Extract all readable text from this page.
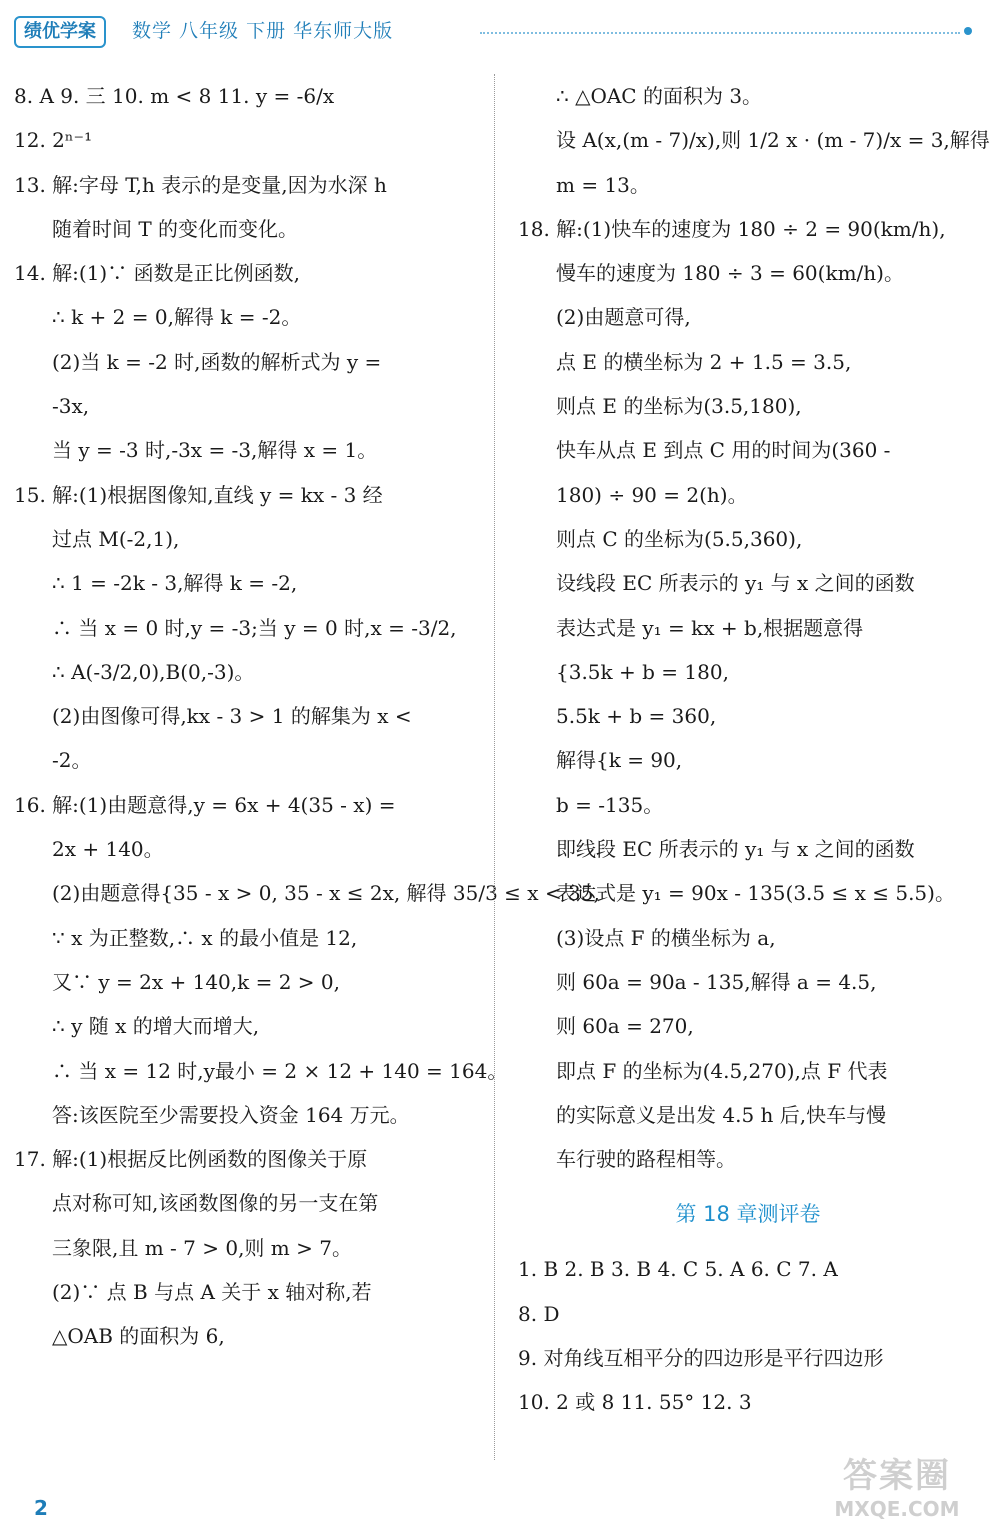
绩优学案	数学 八年级 下册 华东师大版
8. A 9. 三 10. m < 8 11. y = -6/x
12. 2ⁿ⁻¹
13. 解:字母 T,h 表示的是变量,因为水深 h
随着时间 T 的变化而变化。
14. 解:(1)∵ 函数是正比例函数,
∴ k + 2 = 0,解得 k = -2。
(2)当 k = -2 时,函数的解析式为 y =
-3x,
当 y = -3 时,-3x = -3,解得 x = 1。
15. 解:(1)根据图像知,直线 y = kx - 3 经
过点 M(-2,1),
∴ 1 = -2k - 3,解得 k = -2,
∴ 当 x = 0 时,y = -3;当 y = 0 时,x = -3/2,
∴ A(-3/2,0),B(0,-3)。
(2)由图像可得,kx - 3 > 1 的解集为 x <
-2。
16. 解:(1)由题意得,y = 6x + 4(35 - x) =
2x + 140。
(2)由题意得{35 - x > 0, 35 - x ≤ 2x, 解得 35/3 ≤ x < 35,
∵ x 为正整数,∴ x 的最小值是 12,
又∵ y = 2x + 140,k = 2 > 0,
∴ y 随 x 的增大而增大,
∴ 当 x = 12 时,y最小 = 2 × 12 + 140 = 164。
答:该医院至少需要投入资金 164 万元。
17. 解:(1)根据反比例函数的图像关于原
点对称可知,该函数图像的另一支在第
三象限,且 m - 7 > 0,则 m > 7。
(2)∵ 点 B 与点 A 关于 x 轴对称,若
△OAB 的面积为 6,
∴ △OAC 的面积为 3。
设 A(x,(m - 7)/x),则 1/2 x · (m - 7)/x = 3,解得
m = 13。
18. 解:(1)快车的速度为 180 ÷ 2 = 90(km/h),
慢车的速度为 180 ÷ 3 = 60(km/h)。
(2)由题意可得,
点 E 的横坐标为 2 + 1.5 = 3.5,
则点 E 的坐标为(3.5,180),
快车从点 E 到点 C 用的时间为(360 -
180) ÷ 90 = 2(h)。
则点 C 的坐标为(5.5,360),
设线段 EC 所表示的 y₁ 与 x 之间的函数
表达式是 y₁ = kx + b,根据题意得
{3.5k + b = 180,
5.5k + b = 360,
解得{k = 90,
b = -135。
即线段 EC 所表示的 y₁ 与 x 之间的函数
表达式是 y₁ = 90x - 135(3.5 ≤ x ≤ 5.5)。
(3)设点 F 的横坐标为 a,
则 60a = 90a - 135,解得 a = 4.5,
则 60a = 270,
即点 F 的坐标为(4.5,270),点 F 代表
的实际意义是出发 4.5 h 后,快车与慢
车行驶的路程相等。
第 18 章测评卷
1. B 2. B 3. B 4. C 5. A 6. C 7. A
8. D
9. 对角线互相平分的四边形是平行四边形
10. 2 或 8 11. 55° 12. 3
2
答案圈
MXQE.COM
